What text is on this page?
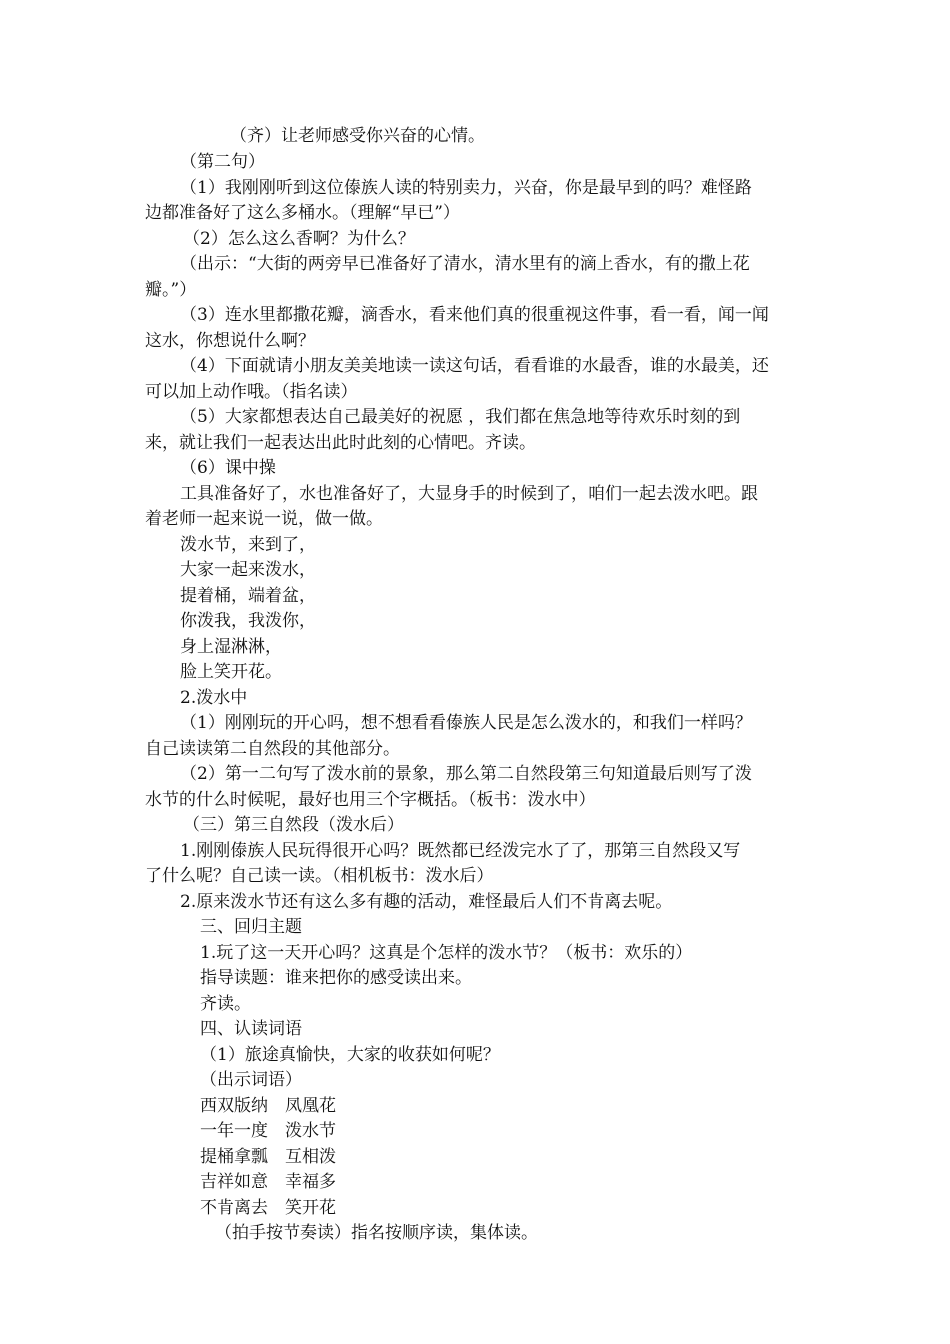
（齐）让老师感受你兴奋的心情。
（第二句）
（1）我刚刚听到这位傣族人读的特别卖力，兴奋，你是最早到的吗？难怪路
边都准备好了这么多桶水。（理解“早已”）
（2）怎么这么香啊？为什么？
（出示：“大街的两旁早已准备好了清水，清水里有的滴上香水，有的撒上花
瓣。”）
（3）连水里都撒花瓣，滴香水，看来他们真的很重视这件事，看一看，闻一闻
这水，你想说什么啊？
（4）下面就请小朋友美美地读一读这句话，看看谁的水最香，谁的水最美，还
可以加上动作哦。（指名读）
（5）大家都想表达自己最美好的祝愿 ，我们都在焦急地等待欢乐时刻的到
来，就让我们一起表达出此时此刻的心情吧。齐读。
（6）课中操
工具准备好了，水也准备好了，大显身手的时候到了，咱们一起去泼水吧。跟
着老师一起来说一说，做一做。
泼水节，来到了，
大家一起来泼水，
提着桶，端着盆，
你泼我，我泼你，
身上湿淋淋，
脸上笑开花。
2.泼水中
（1）刚刚玩的开心吗，想不想看看傣族人民是怎么泼水的，和我们一样吗？
自己读读第二自然段的其他部分。
（2）第一二句写了泼水前的景象，那么第二自然段第三句知道最后则写了泼
水节的什么时候呢，最好也用三个字概括。（板书：泼水中）
（三）第三自然段（泼水后）
1.刚刚傣族人民玩得很开心吗？既然都已经泼完水了了，那第三自然段又写
了什么呢？自己读一读。（相机板书：泼水后）
2.原来泼水节还有这么多有趣的活动，难怪最后人们不肯离去呢。
三、回归主题
1.玩了这一天开心吗？这真是个怎样的泼水节？（板书：欢乐的）
指导读题：谁来把你的感受读出来。
齐读。
四、认读词语
（1）旅途真愉快，大家的收获如何呢？
（出示词语）
西双版纳　凤凰花
一年一度　泼水节
提桶拿瓢　互相泼
吉祥如意　幸福多
不肯离去　笑开花
（拍手按节奏读）指名按顺序读，集体读。
